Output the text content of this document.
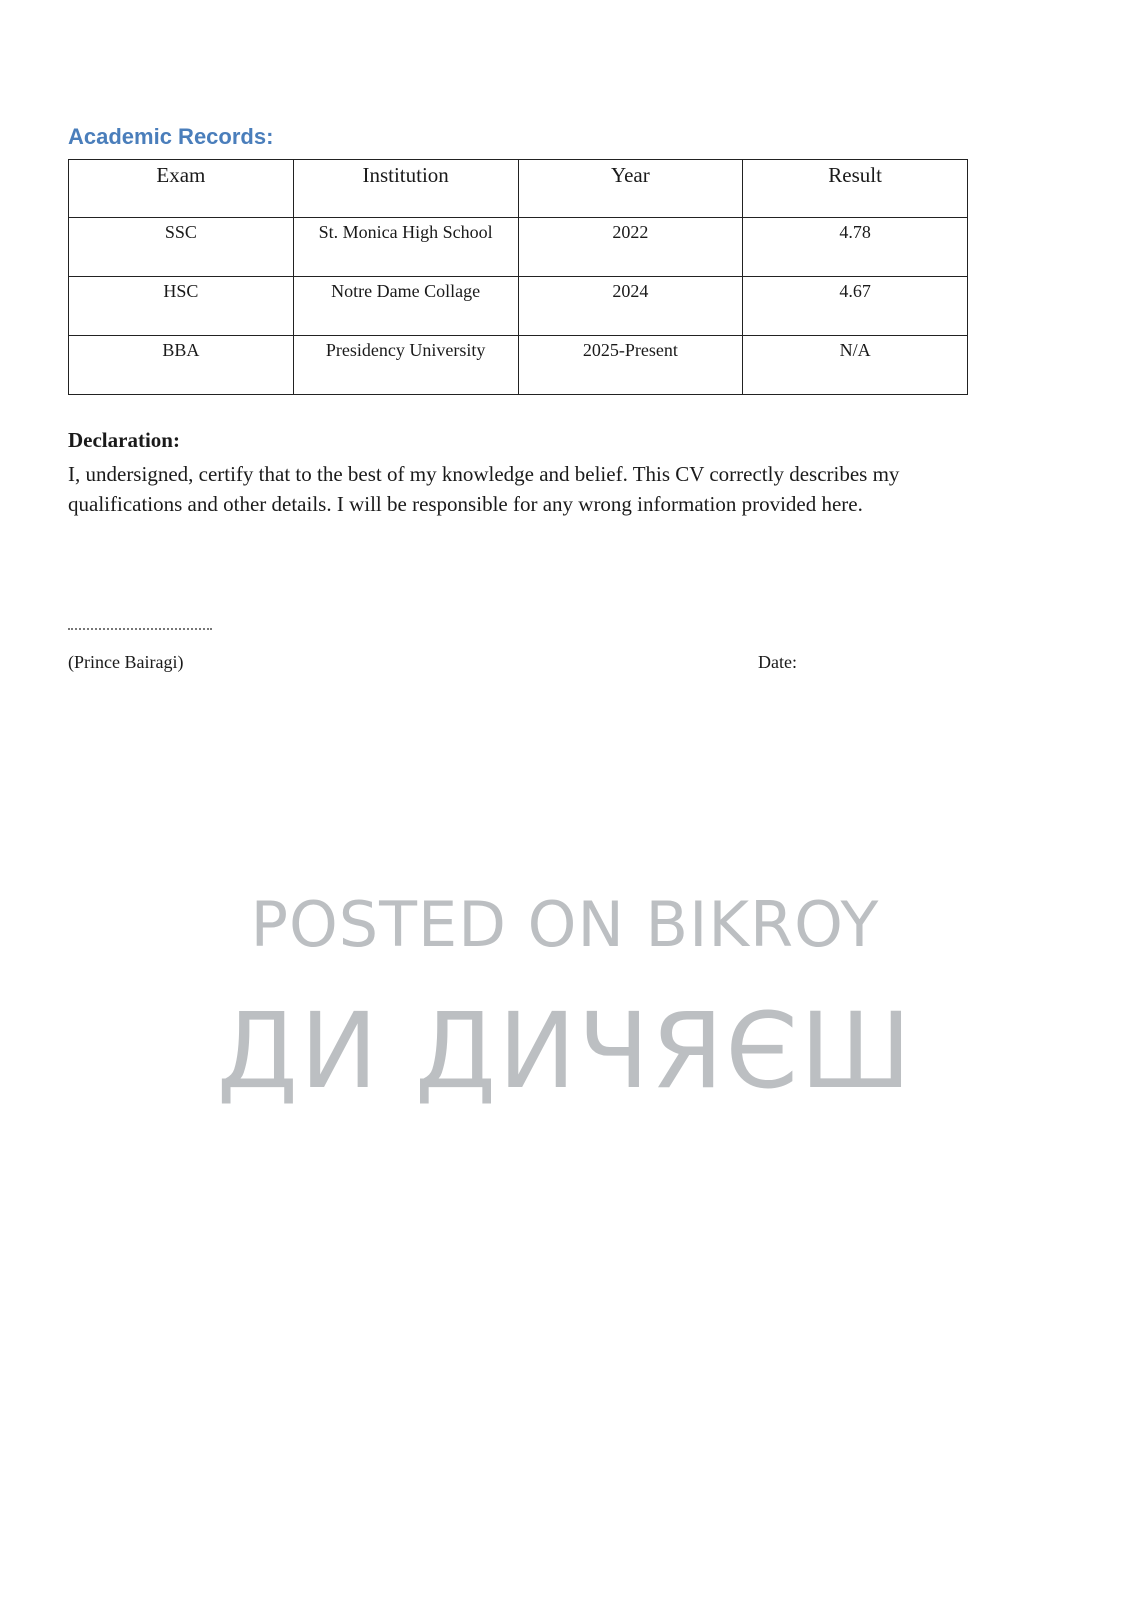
Academic Records:
Exam	Institution	Year	Result
SSC	St. Monica High School	2022	4.78
HSC	Notre Dame Collage	2024	4.67
BBA	Presidency University	2025-Present	N/A

Declaration:

I, undersigned, certify that to the best of my knowledge and belief. This CV correctly describes my qualifications and other details. I will be responsible for any wrong information provided here.

(Prince Bairagi)	Date:
POSTED ON BIKROY
ДИ ДИЧЯЄШ
